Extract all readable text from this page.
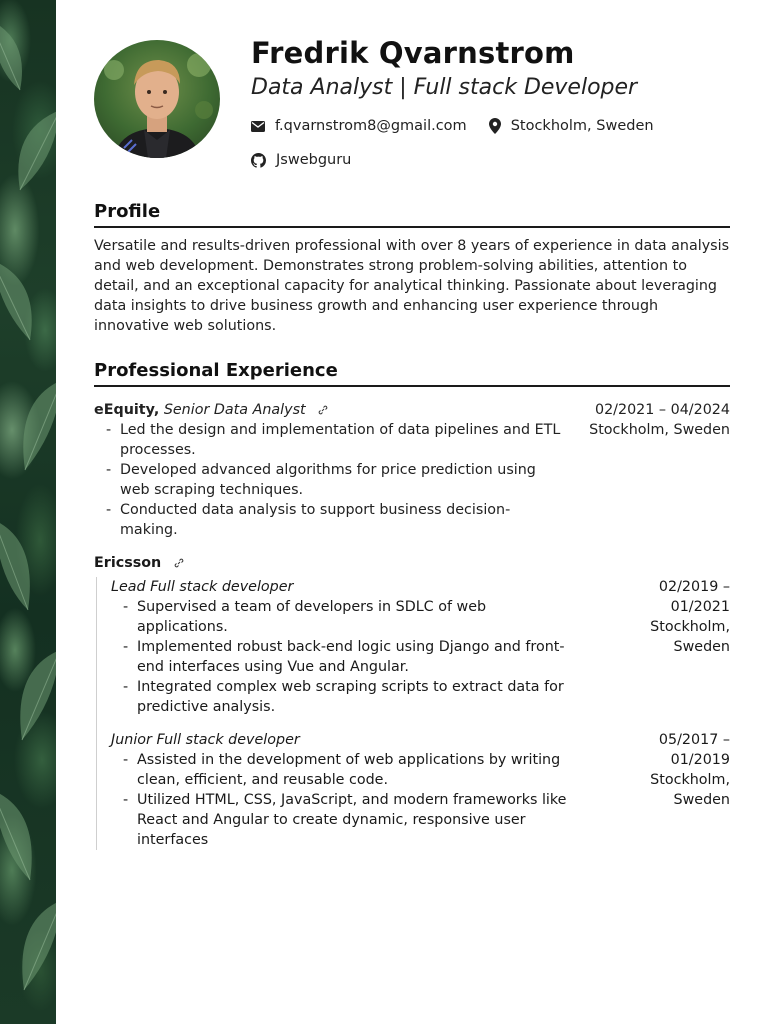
Fredrik Qvarnstrom
Data Analyst | Full stack Developer
f.qvarnstrom8@gmail.com	Stockholm, Sweden
Jswebguru
Profile
Versatile and results-driven professional with over 8 years of experience in data analysis and web development. Demonstrates strong problem-solving abilities, attention to detail, and an exceptional capacity for analytical thinking. Passionate about leveraging data insights to drive business growth and enhancing user experience through innovative web solutions.
Professional Experience
eEquity, Senior Data Analyst	02/2021 – 04/2024
- Led the design and implementation of data pipelines and ETL processes.
- Developed advanced algorithms for price prediction using web scraping techniques.
- Conducted data analysis to support business decision-making.
Stockholm, Sweden
Ericsson
Lead Full stack developer
- Supervised a team of developers in SDLC of web applications.
- Implemented robust back-end logic using Django and front-end interfaces using Vue and Angular.
- Integrated complex web scraping scripts to extract data for predictive analysis.
02/2019 –
01/2021
Stockholm,
Sweden
Junior Full stack developer
- Assisted in the development of web applications by writing clean, efficient, and reusable code.
- Utilized HTML, CSS, JavaScript, and modern frameworks like React and Angular to create dynamic, responsive user interfaces
05/2017 –
01/2019
Stockholm,
Sweden
